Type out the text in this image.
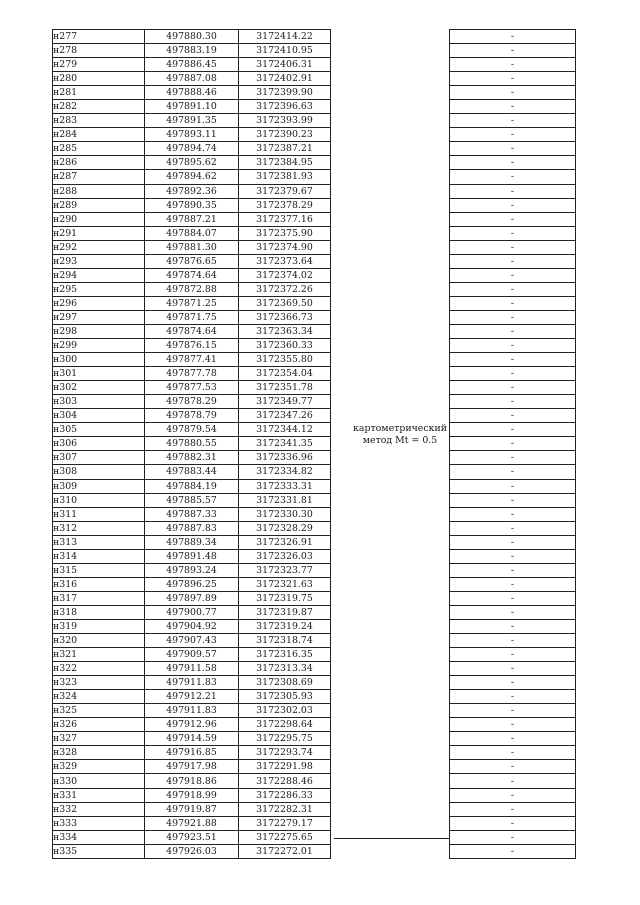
н277	497880.30	3172414.22		-
н278	497883.19	3172410.95		-
н279	497886.45	3172406.31		-
н280	497887.08	3172402.91		-
н281	497888.46	3172399.90		-
н282	497891.10	3172396.63		-
н283	497891.35	3172393.99		-
н284	497893.11	3172390.23		-
н285	497894.74	3172387.21		-
н286	497895.62	3172384.95		-
н287	497894.62	3172381.93		-
н288	497892.36	3172379.67		-
н289	497890.35	3172378.29		-
н290	497887.21	3172377.16		-
н291	497884.07	3172375.90		-
н292	497881.30	3172374.90		-
н293	497876.65	3172373.64		-
н294	497874.64	3172374.02		-
н295	497872.88	3172372.26		-
н296	497871.25	3172369.50		-
н297	497871.75	3172366.73		-
н298	497874.64	3172363.34		-
н299	497876.15	3172360.33		-
н300	497877.41	3172355.80		-
н301	497877.78	3172354.04		-
н302	497877.53	3172351.78		-
н303	497878.29	3172349.77		-
н304	497878.79	3172347.26		-
н305	497879.54	3172344.12		-
н306	497880.55	3172341.35		-
н307	497882.31	3172336.96		-
н308	497883.44	3172334.82		-
н309	497884.19	3172333.31		-
н310	497885.57	3172331.81		-
н311	497887.33	3172330.30		-
н312	497887.83	3172328.29		-
н313	497889.34	3172326.91		-
н314	497891.48	3172326.03		-
н315	497893.24	3172323.77		-
н316	497896.25	3172321.63		-
н317	497897.89	3172319.75		-
н318	497900.77	3172319.87		-
н319	497904.92	3172319.24		-
н320	497907.43	3172318.74		-
н321	497909.57	3172316.35		-
н322	497911.58	3172313.34		-
н323	497911.83	3172308.69		-
н324	497912.21	3172305.93		-
н325	497911.83	3172302.03		-
н326	497912.96	3172298.64		-
н327	497914.59	3172295.75		-
н328	497916.85	3172293.74		-
н329	497917.98	3172291.98		-
н330	497918.86	3172288.46		-
н331	497918.99	3172286.33		-
н332	497919.87	3172282.31		-
н333	497921.88	3172279.17		-
н334	497923.51	3172275.65		-
н335	497926.03	3172272.01		-
картометрический
метод Mt = 0.5
